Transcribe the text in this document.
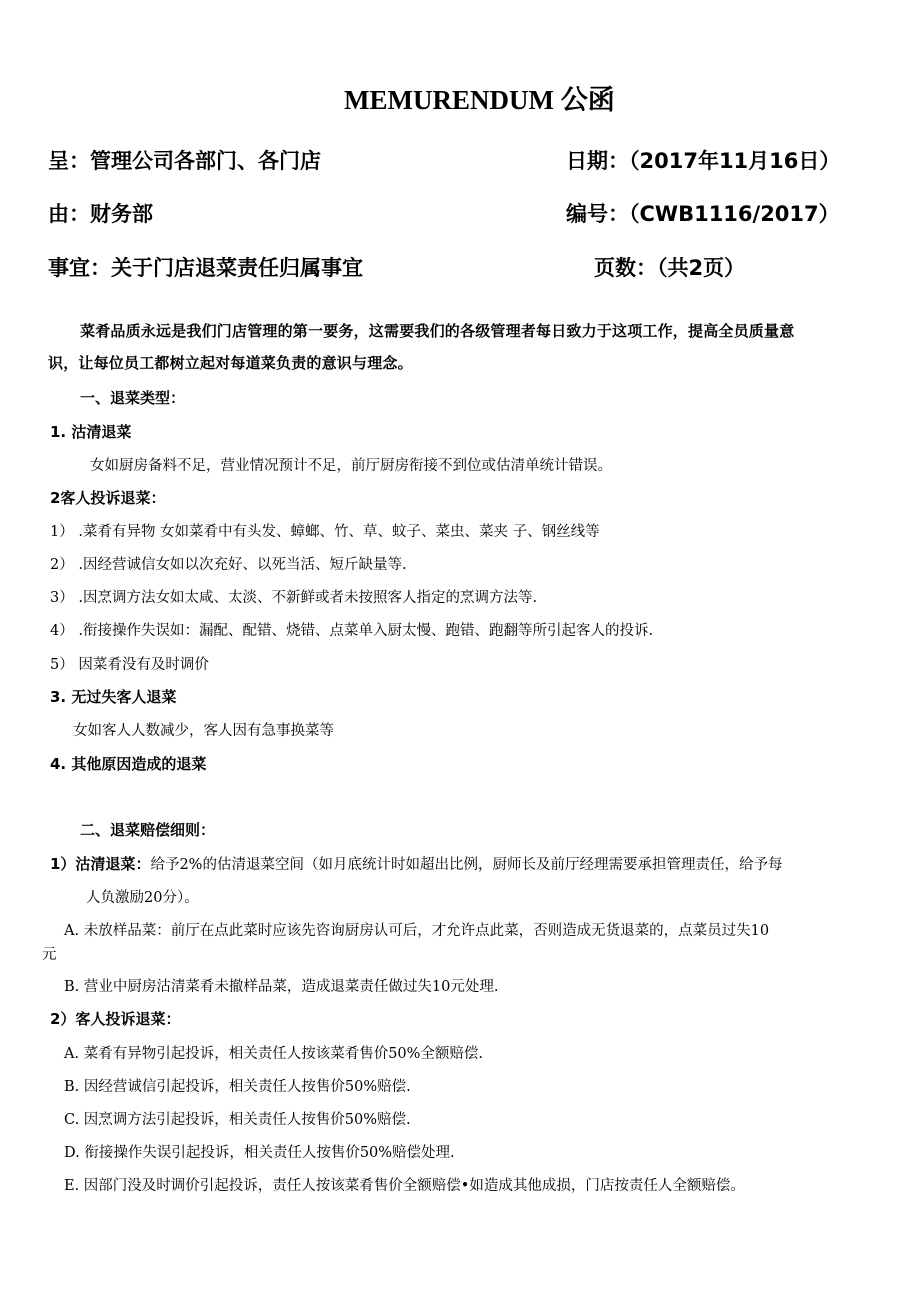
MEMURENDUM 公函
呈：管理公司各部门、各门店	日期：（2017年11月16日）
由：财务部	编号：（CWB1116/2017）
事宜：关于门店退菜责任归属事宜	页数：（共2页）
菜肴品质永远是我们门店管理的第一要务，这需要我们的各级管理者每日致力于这项工作，提高全员质量意
识，让每位员工都树立起对每道菜负责的意识与理念。
一、退菜类型：
1. 沽清退菜
女如厨房备料不足，营业情况预计不足，前厅厨房衔接不到位或估清单统计错误。
2客人投诉退菜：
1） .菜肴有异物 女如菜肴中有头发、蟑螂、竹、草、蚊子、菜虫、菜夹 子、钢丝线等
2） .因经营诚信女如以次充好、以死当活、短斤缺量等.
3） .因烹调方法女如太咸、太淡、不新鲜或者未按照客人指定的烹调方法等.
4） .衔接操作失误如：漏配、配错、烧错、点菜单入厨太慢、跑错、跑翻等所引起客人的投诉.
5） 因菜肴没有及时调价
3. 无过失客人退菜
女如客人人数减少，客人因有急事换菜等
4. 其他原因造成的退菜
二、退菜赔偿细则：
1）沽清退菜：给予2%的估清退菜空间（如月底统计时如超出比例，厨师长及前厅经理需要承担管理责任，给予每
人负激励20分）。
A. 未放样品菜：前厅在点此菜时应该先咨询厨房认可后，才允许点此菜，否则造成无货退菜的，点菜员过失10
元
B. 营业中厨房沽清菜肴未撤样品菜，造成退菜责任做过失10元处理.
2）客人投诉退菜：
A. 菜肴有异物引起投诉，相关责任人按该菜肴售价50%全额赔偿.
B. 因经营诚信引起投诉，相关责任人按售价50%赔偿.
C. 因烹调方法引起投诉，相关责任人按售价50%赔偿.
D. 衔接操作失误引起投诉，相关责任人按售价50%赔偿处理.
E. 因部门没及时调价引起投诉，责任人按该菜肴售价全额赔偿•如造成其他成损，门店按责任人全额赔偿。
